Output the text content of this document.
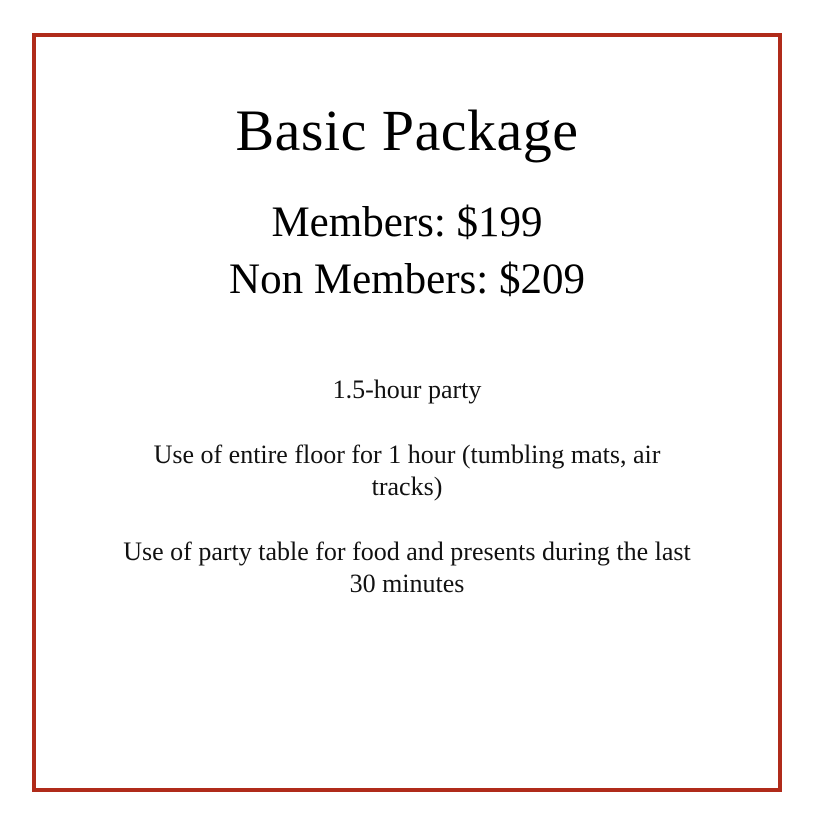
Basic Package
Members: $199
Non Members: $209
1.5-hour party
Use of entire floor for 1 hour (tumbling mats, air tracks)
Use of party table for food and presents during the last 30 minutes
